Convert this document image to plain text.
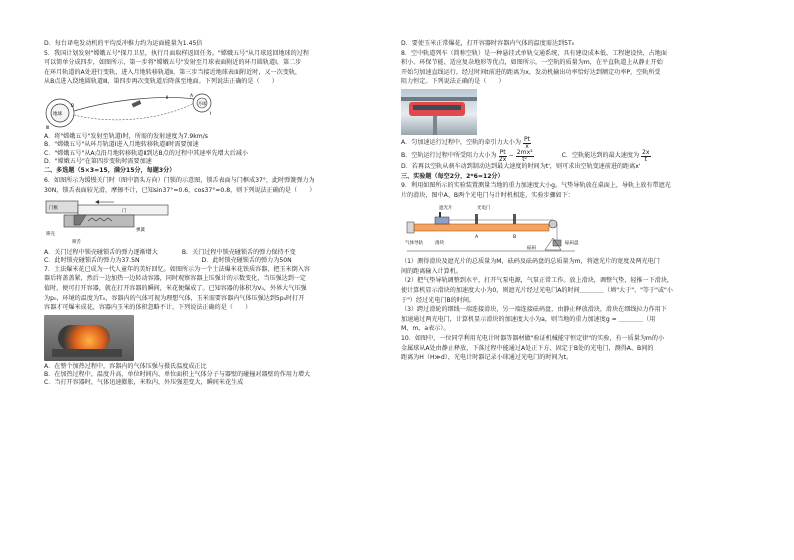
D．每台译电发动机的平均反冲推力约为运面能量为1.45倍

5．我国计划发射"嫦娥五号"探月卫星，执行月面取样返回任务。"嫦娥五号"从月球返回地球的过程

可以简单分成四步，如图所示，第一步将"嫦娥五号"发射至月球表面附近的环月圆轨道Ⅰ，第二步

在环月轨道的A处进行变轨，进入月地转移轨道Ⅱ，第三步当接近地球表面附近时，又一次变轨，

从B点进入绕地圆轨道Ⅲ，第四步再次变轨道后降落至地面。下列说法正确的是（　　）

地球
月球
B
A
Ⅱ
Ⅰ
Ⅲ

A．将"嫦娥五号"发射至轨道Ⅰ时，所需的发射速度为7.9km/s

B．"嫦娥五号"从环月轨道Ⅰ进入月地转移轨道Ⅱ时需要加速

C．"嫦娥五号"从A点沿月地转移轨道Ⅱ到达B点的过程中其速率先增大后减小

D．"嫦娥五号"在第四步变轨时需要加速

二、多选题（5×3=15，满分15分，每题3分）

6．如图所示为缓慢关门时（图中箭头方向）门锁的示意图，锁舌表面与门框成37°，此时弹簧弹力为

30N，锁舌表面较光滑，摩擦不计，已知sin37°=0.6，cos37°=0.8，则下列说法正确的是（　　）

门框
门
锁壳
弹簧
锁舌

A．关门过程中锁壳碰锁舌的弹力逐渐增大	B．关门过程中锁壳碰锁舌的弹力保持不变

C．此时锁壳碰锁舌的弹力为37.5N	D．此时锁壳碰锁舌的弹力为50N

7．土法爆米花已成为一代人童年的美好回忆。如图所示为一个土法爆米花铁质容器，把玉米倒入容

器后将盖盖紧，然后一边加热一边转动容器，同时观察容器上压强计的示数变化，当压强达到一定

值时，便可打开容器，就在打开容器的瞬间，米花便爆成了。已知容器的体积为V₀，外界大气压强

为p₀，环境的温度为T₀，容器内的气体可视为理想气体，玉米需要容器内气体压强达到5p₀时打开

容器才可爆米成花，容器内玉米的体积忽略不计，下列说法正确的是（　　）

A．在整个加热过程中，容器内的气体压强与摄氏温度成正比

B．在加热过程中，温度升高，单位时间内、单位面积上气体分子与器壁的碰撞对器壁的作用力增大

C．当打开容器时，气体迅速膨胀，米粒内、外压强差变大，瞬间米花生成

D．要使玉米正常爆花，打开容器时容器内气体的温度需达到5T₀

8．空中轨道列车（简称空轨）是一种悬挂式单轨交通系统，具有建设成本低、工程建设快、占地面

积小、环保节能、适应复杂地形等优点，如图所示，一空轨的质量为m，在平直轨道上从静止开始

开始匀加速直线运行，经过时间t前进的距离为x，发动机输出功率恰好达到额定功率P，空轨所受

阻力恒定。下列说法正确的是（　　）

A．匀加速运行过程中，空轨的牵引力大小为 $\frac{Pt}{x}$

B．空轨运行过程中所受阻力大小为 $\frac{Pt}{2x} - \frac{\text{2mx²}}{\text{t²}}$	C．空轨能达到的最大速度为 $\frac{2x}{t}$

D．若再以空轨从刹车动到制动达到最大速度的时间为t'，则可求出空轨变速前进的距离x'

三、实验题（每空2分，2*6=12分）

9．利用如图所示的实验装置测量当地的重力加速度大小g。气垫导轨放在桌面上，导轨上放有带遮光

片的滑块，图中A、B两个光电门与计时机相连，实验步骤如下：

遮光片	光电门
A	B
气体导轨	滑块
砝码
砝码盘

（1）测得滑块及遮光片的总质量为M，砝码及砝码盘的总质量为m，将遮光片的宽度及两光电门

间的距离输入计算机。

（2）把气垫导轨调整到水平，打开气泵电源，气泵正常工作。放上滑块，调整气垫，轻推一下滑块，

使计算机显示滑块的加速度大小为0，则遮光片经过光电门A的时间＿＿＿＿（填"大于"、"等于"或"小

于"）经过光电门B的时间。

（3）跨过滑轮的细线一端连接滑块，另一端连接砝码盘，由静止释放滑块，滑块在细线拉力作用下

加速通过两光电门，计算机显示滑块的加速度大小为a，则当地的重力加速度g = ＿＿＿＿（用

M、m、a表示）。

10．如图中，一位同学利用光电计时器等器材做"验证机械能守恒定律"的实验，有一质量为m的小

金属球从A处由静止释放，下落过程中能通过A处正下方、固定于B处的光电门，测得A、B间的

距离为H（H≫d），光电计时器记录小球通过光电门的时间为t。
